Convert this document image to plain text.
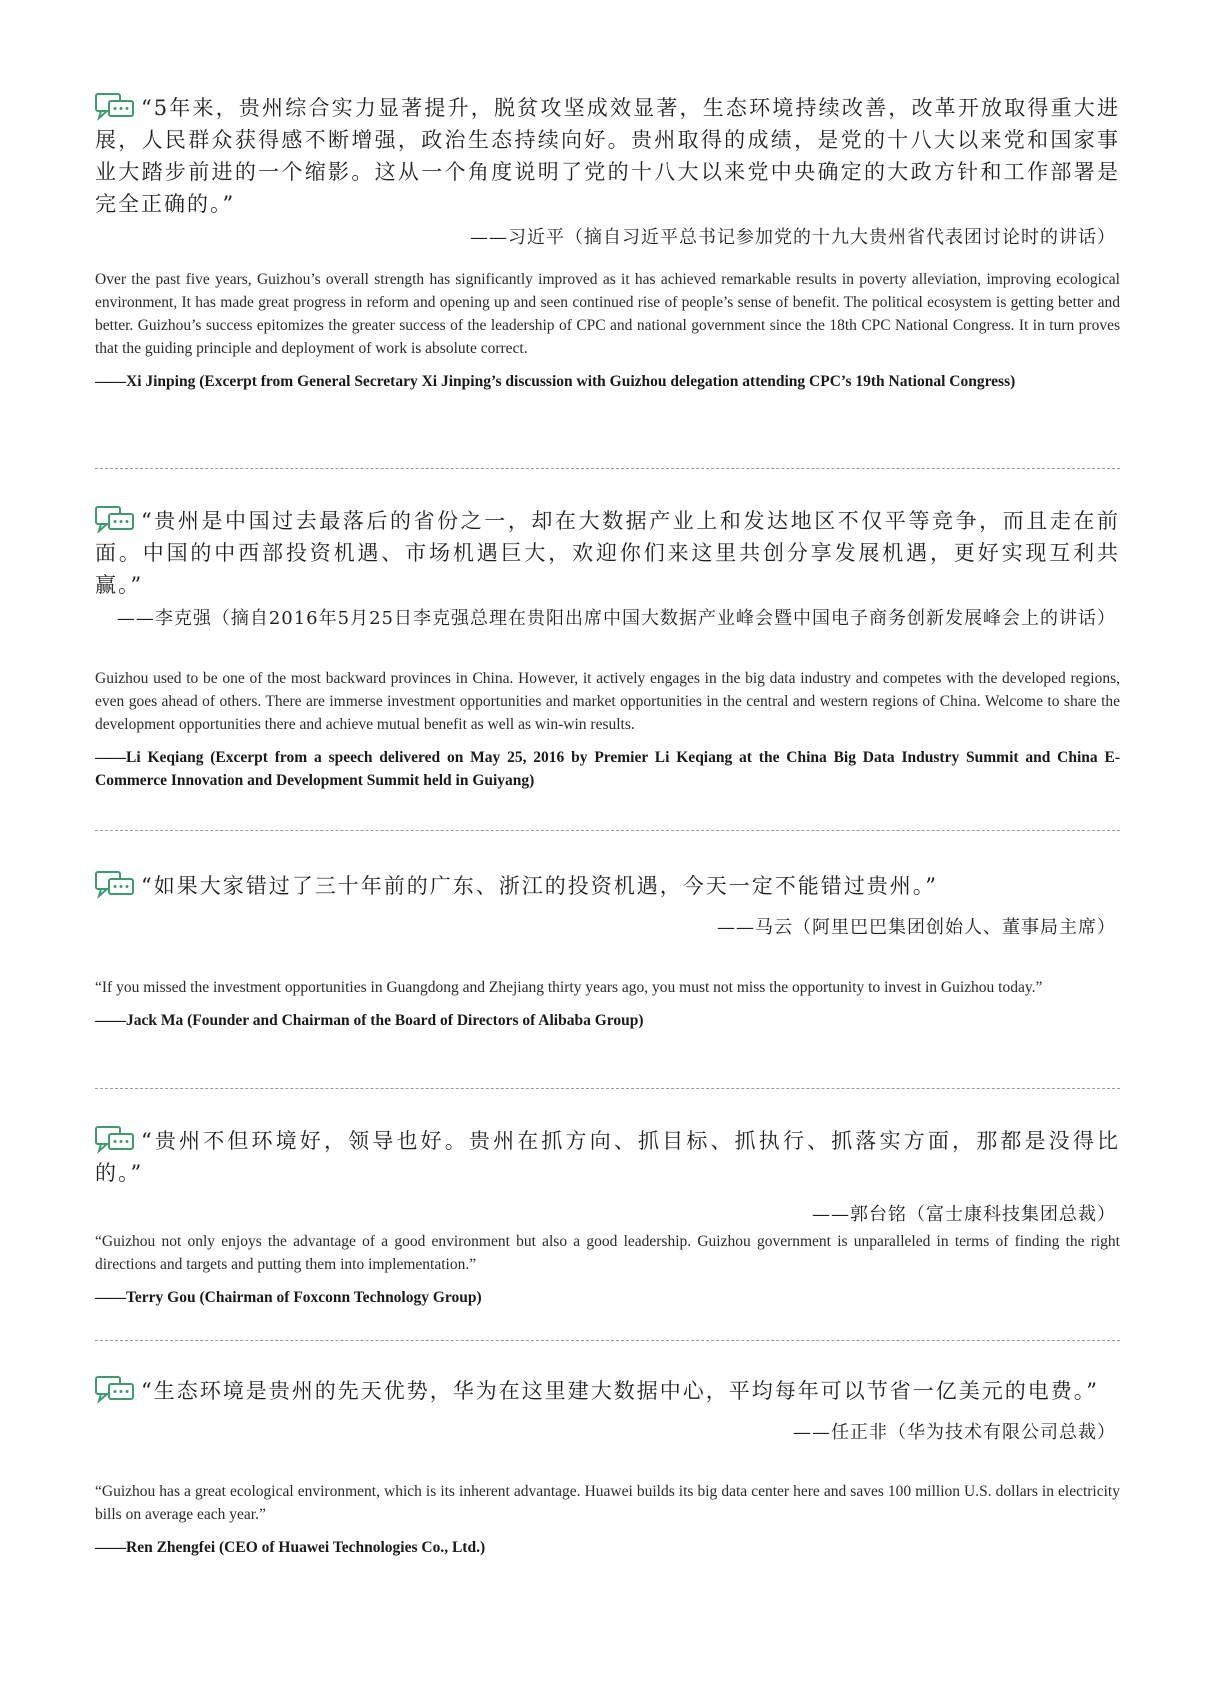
“5年来，贵州综合实力显著提升，脱贫攻坚成效显著，生态环境持续改善，改革开放取得重大进展，人民群众获得感不断增强，政治生态持续向好。贵州取得的成绩，是党的十八大以来党和国家事业大踏步前进的一个缩影。这从一个角度说明了党的十八大以来党中央确定的大政方针和工作部署是完全正确的。”

——习近平（摘自习近平总书记参加党的十九大贵州省代表团讨论时的讲话）

Over the past five years, Guizhou’s overall strength has significantly improved as it has achieved remarkable results in poverty alleviation, improving ecological environment, It has made great progress in reform and opening up and seen continued rise of people’s sense of benefit. The political ecosystem is getting better and better. Guizhou’s success epitomizes the greater success of the leadership of CPC and national government since the 18th CPC National Congress. It in turn proves that the guiding principle and deployment of work is absolute correct.

——Xi Jinping (Excerpt from General Secretary Xi Jinping’s discussion with Guizhou delegation attending CPC’s 19th National Congress)

“贵州是中国过去最落后的省份之一，却在大数据产业上和发达地区不仅平等竞争，而且走在前面。中国的中西部投资机遇、市场机遇巨大，欢迎你们来这里共创分享发展机遇，更好实现互利共赢。”

——李克强（摘自2016年5月25日李克强总理在贵阳出席中国大数据产业峰会暨中国电子商务创新发展峰会上的讲话）

Guizhou used to be one of the most backward provinces in China. However, it actively engages in the big data industry and competes with the developed regions, even goes ahead of others. There are immerse investment opportunities and market opportunities in the central and western regions of China. Welcome to share the development opportunities there and achieve mutual benefit as well as win-win results.

——Li Keqiang (Excerpt from a speech delivered on May 25, 2016 by Premier Li Keqiang at the China Big Data Industry Summit and China E-Commerce Innovation and Development Summit held in Guiyang)

“如果大家错过了三十年前的广东、浙江的投资机遇，今天一定不能错过贵州。”

——马云（阿里巴巴集团创始人、董事局主席）

“If you missed the investment opportunities in Guangdong and Zhejiang thirty years ago, you must not miss the opportunity to invest in Guizhou today.”

——Jack Ma (Founder and Chairman of the Board of Directors of Alibaba Group)

“贵州不但环境好，领导也好。贵州在抓方向、抓目标、抓执行、抓落实方面，那都是没得比的。”

——郭台铭（富士康科技集团总裁）

“Guizhou not only enjoys the advantage of a good environment but also a good leadership. Guizhou government is unparalleled in terms of finding the right directions and targets and putting them into implementation.”

——Terry Gou (Chairman of Foxconn Technology Group)

“生态环境是贵州的先天优势，华为在这里建大数据中心，平均每年可以节省一亿美元的电费。”

——任正非（华为技术有限公司总裁）

“Guizhou has a great ecological environment, which is its inherent advantage. Huawei builds its big data center here and saves 100 million U.S. dollars in electricity bills on average each year.”

——Ren Zhengfei (CEO of Huawei Technologies Co., Ltd.)
